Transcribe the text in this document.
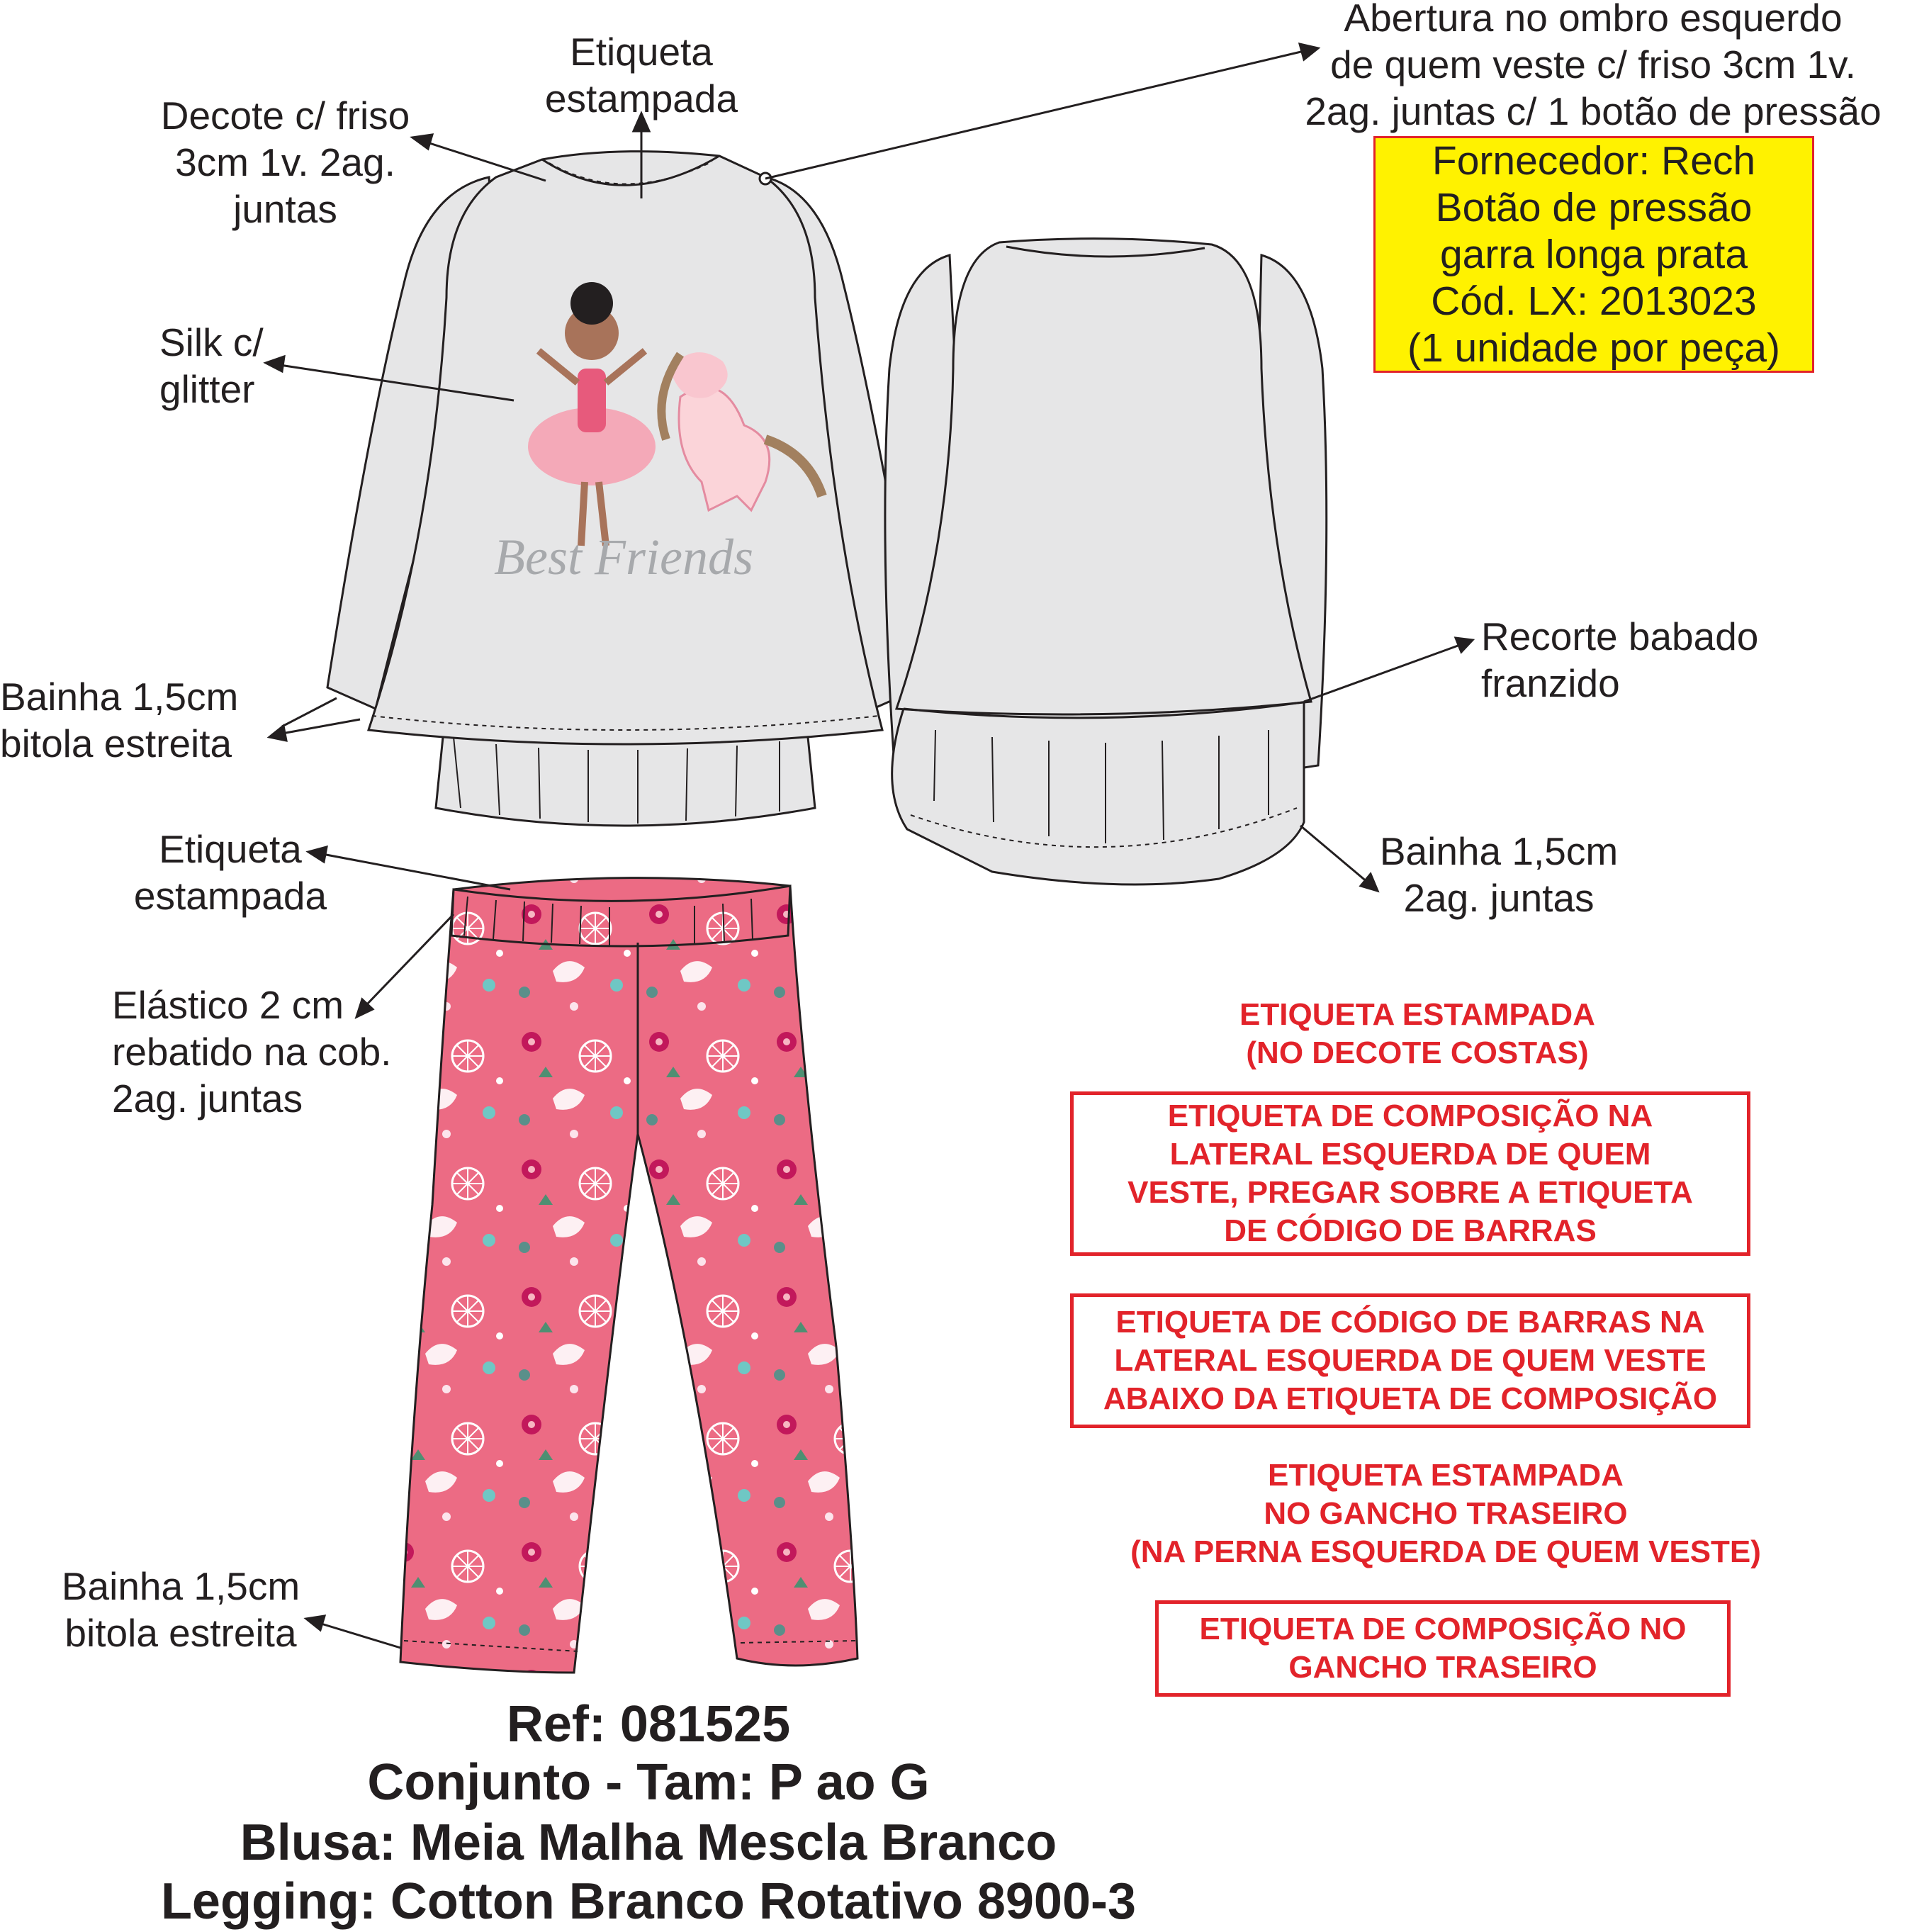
Best Friends
Etiqueta
estampada
Decote c/ friso
3cm 1v. 2ag.
juntas
Abertura no ombro esquerdo
de quem veste c/ friso 3cm 1v.
2ag. juntas c/ 1 botão de pressão
Fornecedor: Rech
Botão de pressão
garra longa prata
Cód. LX: 2013023
(1 unidade por peça)
Silk c/
glitter
Bainha 1,5cm
bitola estreita
Recorte babado
franzido
Bainha 1,5cm
2ag. juntas
Etiqueta
estampada
Elástico 2 cm
rebatido na cob.
2ag. juntas
Bainha 1,5cm
bitola estreita
ETIQUETA ESTAMPADA
(NO DECOTE COSTAS)
ETIQUETA DE COMPOSIÇÃO NA
LATERAL ESQUERDA DE QUEM
VESTE, PREGAR SOBRE A ETIQUETA
DE CÓDIGO DE BARRAS
ETIQUETA DE CÓDIGO DE BARRAS NA
LATERAL ESQUERDA DE QUEM VESTE
ABAIXO DA ETIQUETA DE COMPOSIÇÃO
ETIQUETA ESTAMPADA
NO GANCHO TRASEIRO
(NA PERNA ESQUERDA DE QUEM VESTE)
ETIQUETA DE COMPOSIÇÃO NO
GANCHO TRASEIRO
Ref: 081525
Conjunto - Tam: P ao G
Blusa: Meia Malha Mescla Branco
Legging: Cotton Branco Rotativo 8900-3
